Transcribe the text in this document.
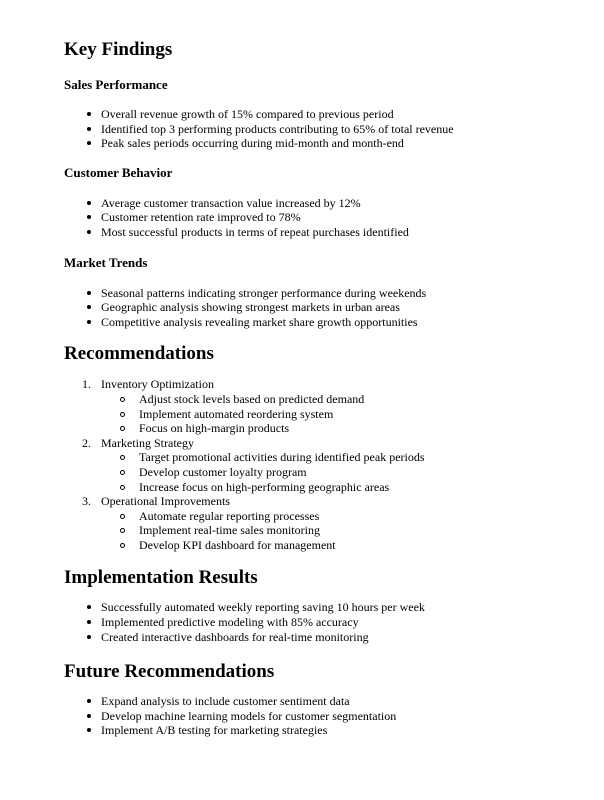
Key Findings
Sales Performance
Overall revenue growth of 15% compared to previous period
Identified top 3 performing products contributing to 65% of total revenue
Peak sales periods occurring during mid-month and month-end
Customer Behavior
Average customer transaction value increased by 12%
Customer retention rate improved to 78%
Most successful products in terms of repeat purchases identified
Market Trends
Seasonal patterns indicating stronger performance during weekends
Geographic analysis showing strongest markets in urban areas
Competitive analysis revealing market share growth opportunities
Recommendations
1. Inventory Optimization
Adjust stock levels based on predicted demand
Implement automated reordering system
Focus on high-margin products
2. Marketing Strategy
Target promotional activities during identified peak periods
Develop customer loyalty program
Increase focus on high-performing geographic areas
3. Operational Improvements
Automate regular reporting processes
Implement real-time sales monitoring
Develop KPI dashboard for management
Implementation Results
Successfully automated weekly reporting saving 10 hours per week
Implemented predictive modeling with 85% accuracy
Created interactive dashboards for real-time monitoring
Future Recommendations
Expand analysis to include customer sentiment data
Develop machine learning models for customer segmentation
Implement A/B testing for marketing strategies
